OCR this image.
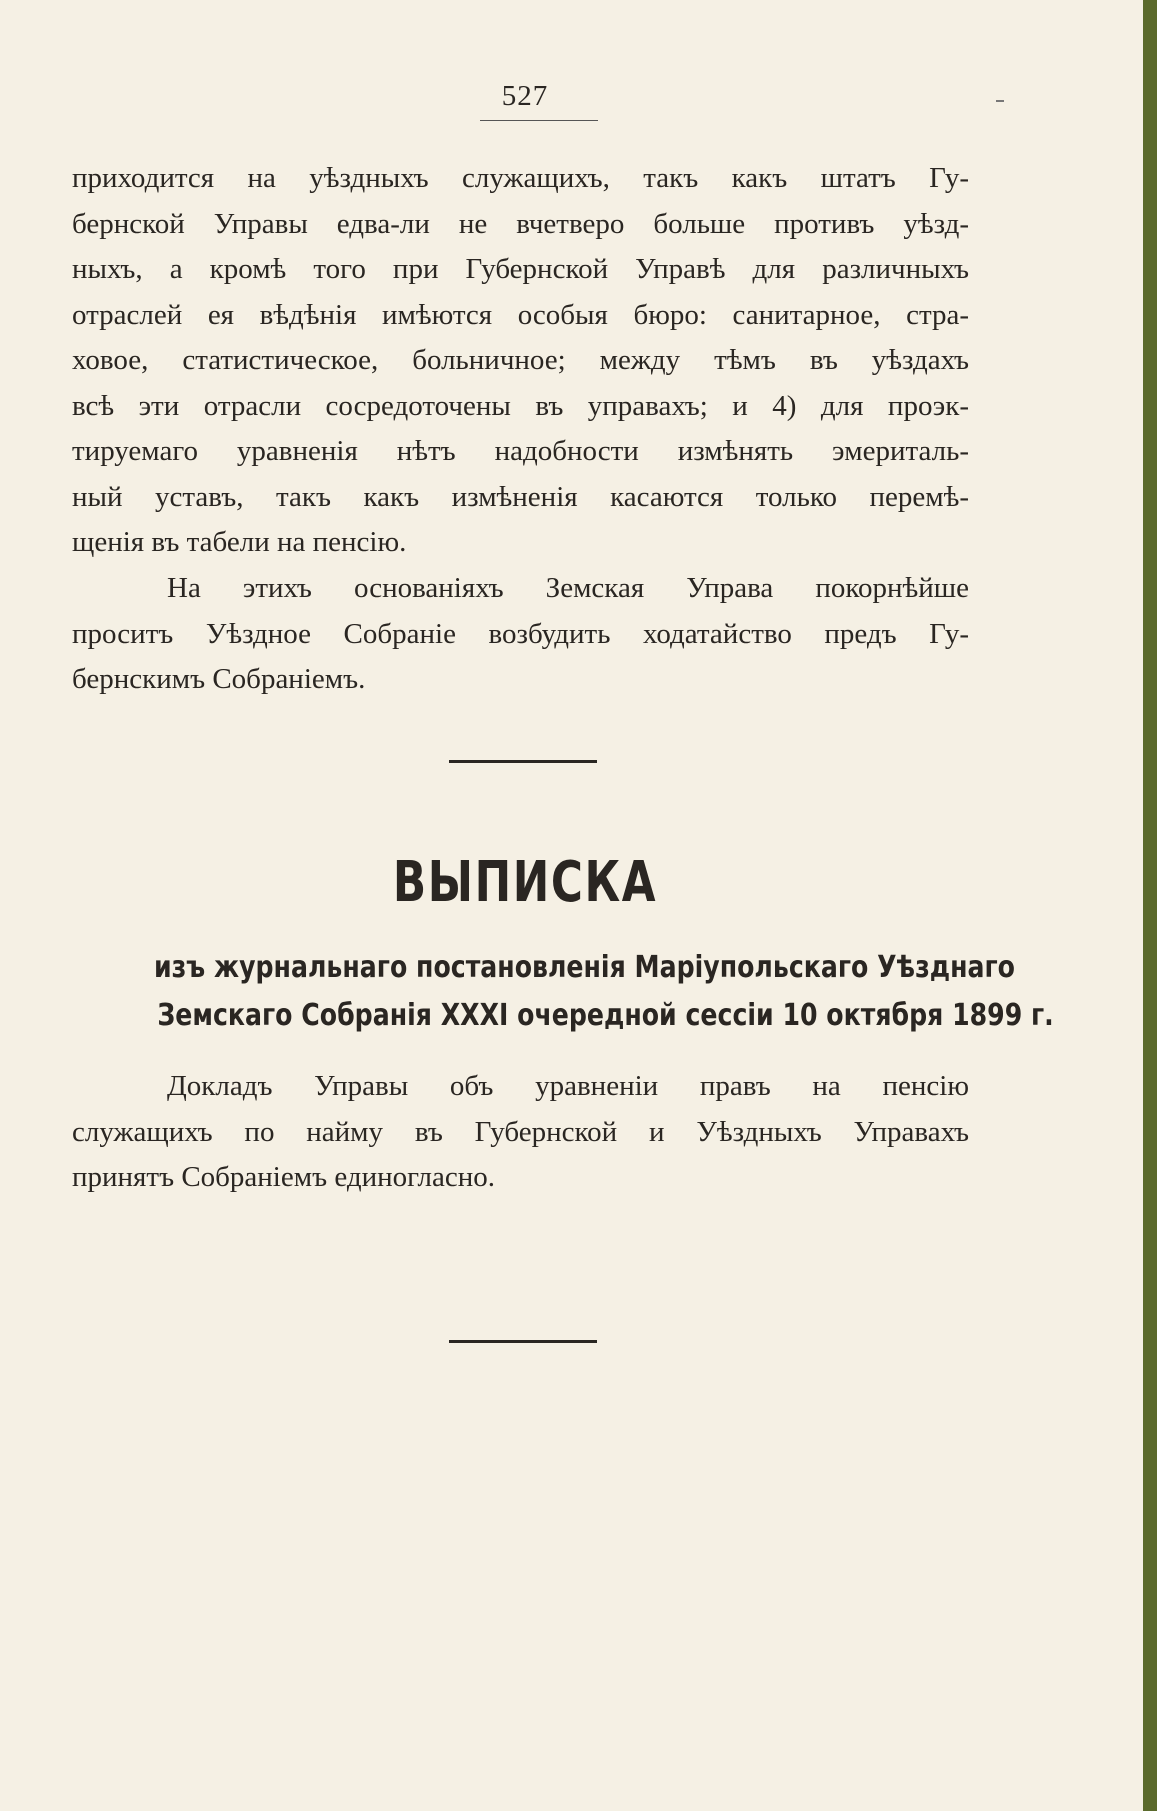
527
приходится на уѣздныхъ служащихъ, такъ какъ штатъ Гу-
бернской Управы едва-ли не вчетверо больше противъ уѣзд-
ныхъ, а кромѣ того при Губернской Управѣ для различныхъ
отраслей ея вѣдѣнія имѣются особыя бюро: санитарное, стра-
ховое, статистическое, больничное; между тѣмъ въ уѣздахъ
всѣ эти отрасли сосредоточены въ управахъ; и 4) для проэк-
тируемаго уравненія нѣтъ надобности измѣнять эмериталь-
ный уставъ, такъ какъ измѣненія касаются только перемѣ-
щенія въ табели на пенсію.
На этихъ основаніяхъ Земская Управа покорнѣйше
проситъ Уѣздное Собраніе возбудить ходатайство предъ Гу-
бернскимъ Собраніемъ.
ВЫПИСКА
изъ журнальнаго постановленія Маріупольскаго Уѣзднаго
Земскаго Собранія XXXI очередной сессіи 10 октября 1899 г.
Докладъ Управы объ уравненіи правъ на пенсію
служащихъ по найму въ Губернской и Уѣздныхъ Управахъ
принятъ Собраніемъ единогласно.
